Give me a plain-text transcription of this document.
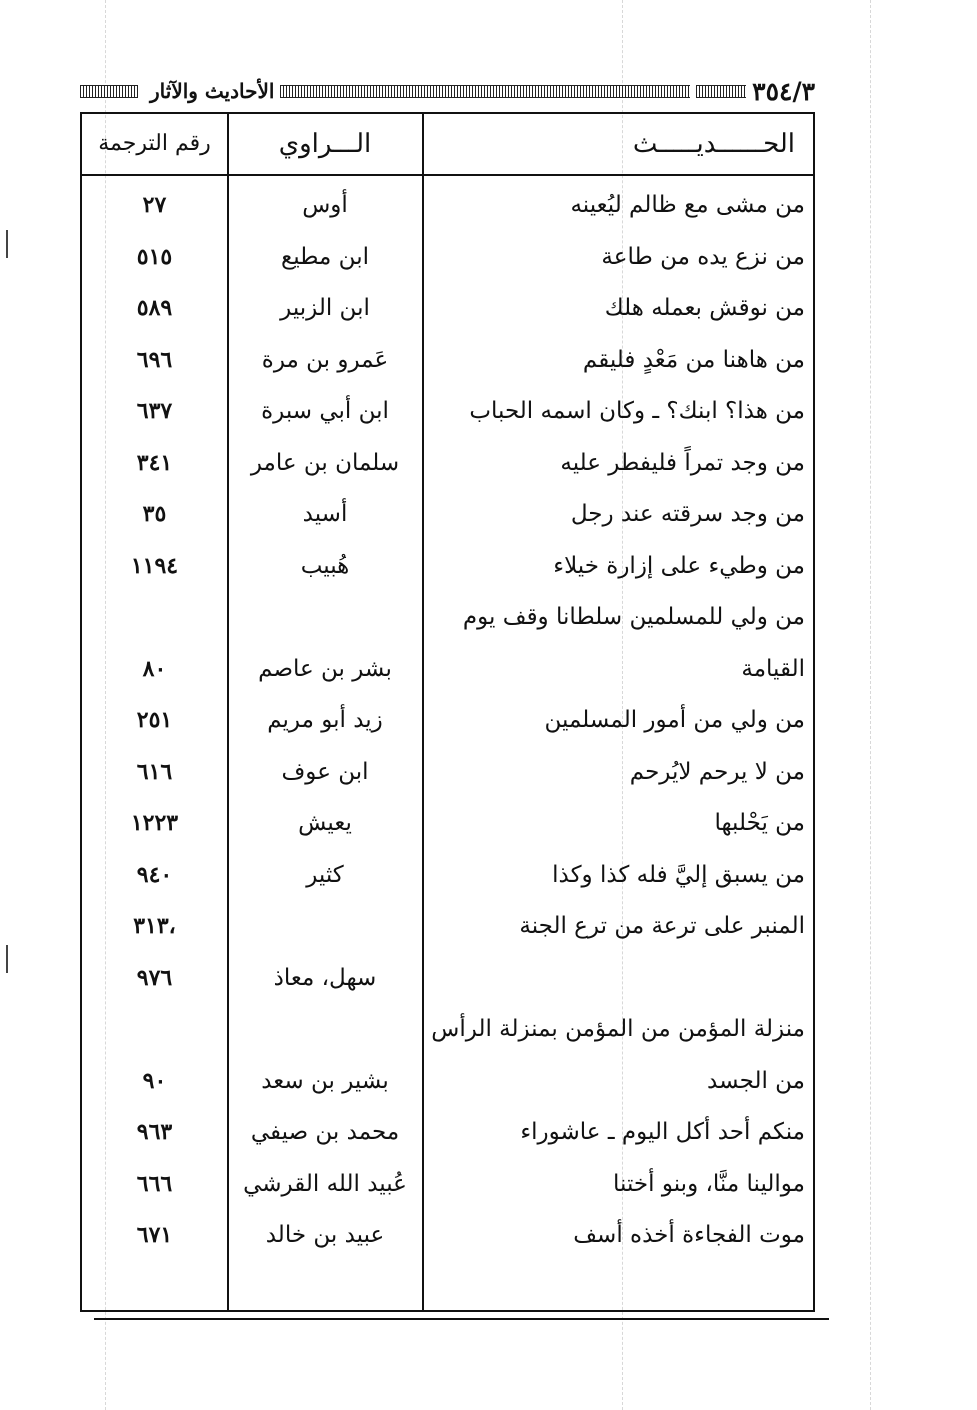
٣٥٤/٣
الأحاديث والآثار
الحــــــديـــــث
الـــراوي
رقم الترجمة
من مشى مع ظالم ليُعينه
أوس
٢٧
من نزع يده من طاعة
ابن مطيع
٥١٥
من نوقش بعمله هلك
ابن الزبير
٥٨٩
من هاهنا من مَعْدٍ فليقم
عَمرو بن مرة
٦٩٦
من هذا؟ ابنك؟ ـ وكان اسمه الحباب
ابن أبي سبرة
٦٣٧
من وجد تمراً فليفطر عليه
سلمان بن عامر
٣٤١
من وجد سرقته عند رجل
أسيد
٣٥
من وطيء على إزارة خيلاء
هُبيب
١١٩٤
من ولي للمسلمين سلطانا وقف يوم
القيامة
بشر بن عاصم
٨٠
من ولي من أمور المسلمين
زيد أبو مريم
٢٥١
من لا يرحم لايُرحم
ابن عوف
٦١٦
من يَحْلبها
يعيش
١٢٢٣
من يسبق إليَّ فله كذا وكذا
كثير
٩٤٠
المنبر على ترعة من ترع الجنة
،٣١٣
سهل، معاذ
٩٧٦
منزلة المؤمن من المؤمن بمنزلة الرأس
من الجسد
بشير بن سعد
٩٠
منكم أحد أكل اليوم ـ عاشوراء
محمد بن صيفي
٩٦٣
موالينا منَّا، وبنو أختنا
عُبيد الله القرشي
٦٦٦
موت الفجاءة أخذه أسف
عبيد بن خالد
٦٧١
